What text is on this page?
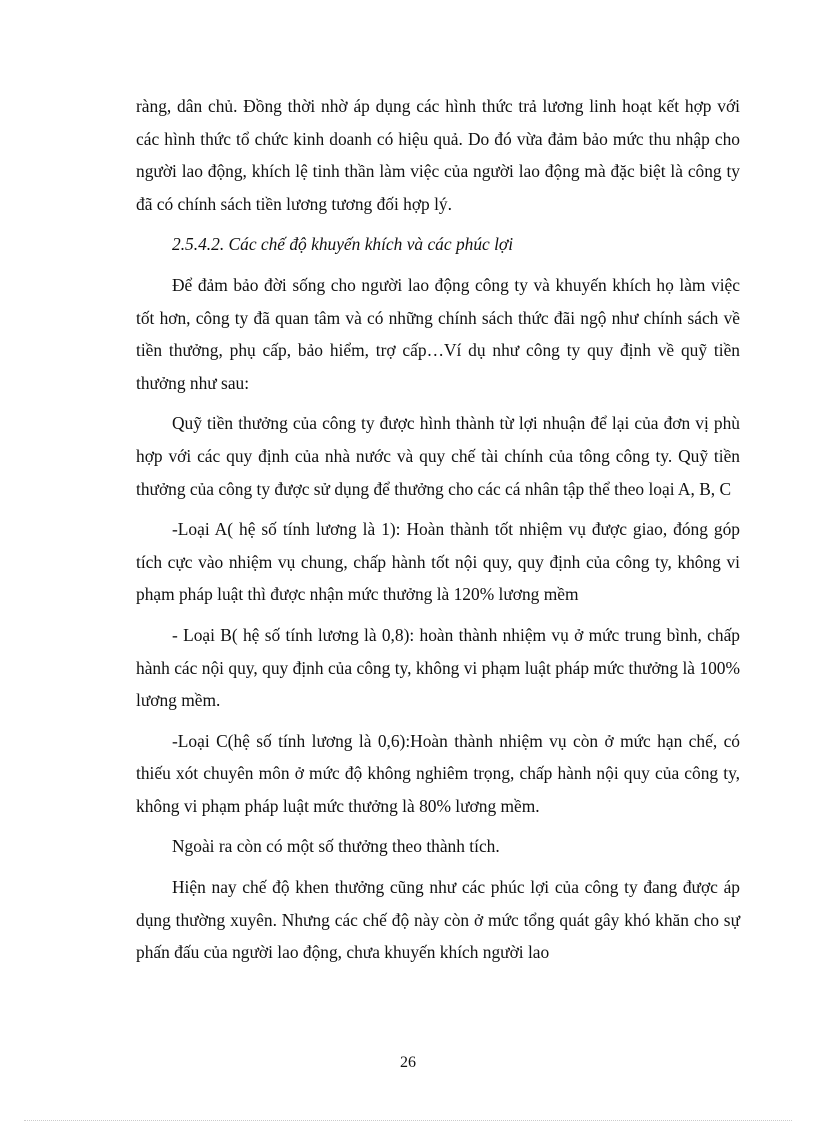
ràng, dân chủ. Đồng thời nhờ áp dụng các hình thức trả lương linh hoạt kết hợp với các hình thức tổ chức kinh doanh có hiệu quả. Do đó vừa đảm bảo mức thu nhập cho người lao động, khích lệ tinh thần làm việc của người lao động mà đặc biệt là công ty đã có chính sách tiền lương tương đối hợp lý.

2.5.4.2. Các chế độ khuyến khích và các phúc lợi

Để đảm bảo đời sống cho người lao động công ty và khuyến khích họ làm việc tốt hơn, công ty đã quan tâm và có những chính sách thức đãi ngộ như chính sách về tiền thưởng, phụ cấp, bảo hiểm, trợ cấp…Ví dụ như công ty quy định về quỹ tiền thưởng như sau:

Quỹ tiền thưởng của công ty được hình thành từ lợi nhuận để lại của đơn vị phù hợp với các quy định của nhà nước và quy chế tài chính của tông công ty. Quỹ tiền thưởng của công ty được sử dụng để thưởng cho các cá nhân tập thể theo loại A, B, C

-Loại A( hệ số tính lương là 1): Hoàn thành tốt nhiệm vụ được giao, đóng góp tích cực vào nhiệm vụ chung, chấp hành tốt nội quy, quy định của công ty, không vi phạm pháp luật thì được nhận mức thưởng là 120% lương mềm

- Loại B( hệ số tính lương là 0,8): hoàn thành nhiệm vụ ở mức trung bình, chấp hành các nội quy, quy định của công ty, không vi phạm luật pháp mức thưởng là 100% lương mềm.

-Loại C(hệ số tính lương là 0,6):Hoàn thành nhiệm vụ còn ở mức hạn chế, có thiếu xót chuyên môn ở mức độ không nghiêm trọng, chấp hành nội quy của công ty, không vi phạm pháp luật mức thưởng là 80% lương mềm.

Ngoài ra còn có một số thưởng theo thành tích.

Hiện nay chế độ khen thưởng cũng như các phúc lợi của công ty đang được áp dụng thường xuyên. Nhưng các chế độ này còn ở mức tổng quát gây khó khăn cho sự phấn đấu của người lao động, chưa khuyến khích người lao

26
